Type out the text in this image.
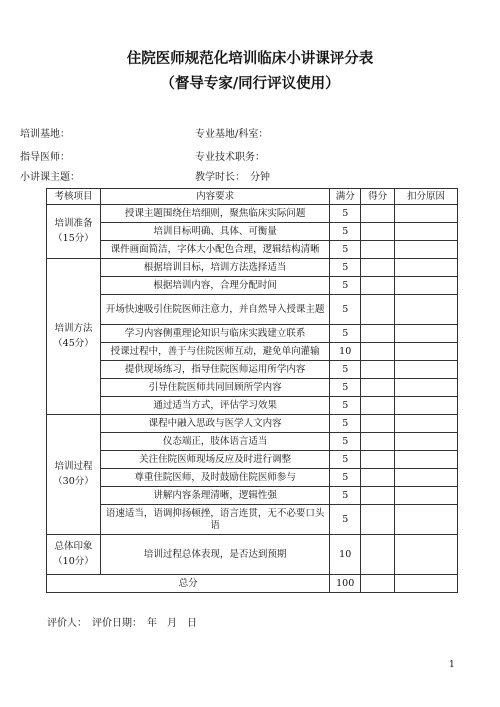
住院医师规范化培训临床小讲课评分表
（督导专家/同行评议使用）
培训基地：	专业基地/科室：
指导医师：	专业技术职务：
小讲课主题：	教学时长：　分钟
考核项目	内容要求	满分	得分	扣分原因

培训准备
（15分）	授课主题围绕住培细则，聚焦临床实际问题	5		
	培训目标明确、具体、可衡量	5		
	课件画面简洁，字体大小配色合理，逻辑结构清晰	5		

培训方法
（45分）	根据培训目标，培训方法选择适当	5		
	根据培训内容，合理分配时间	5		
	开场快速吸引住院医师注意力，并自然导入授课主题	5		
	学习内容侧重理论知识与临床实践建立联系	5		
	授课过程中，善于与住院医师互动，避免单向灌输	10		
	提供现场练习，指导住院医师运用所学内容	5		
	引导住院医师共同回顾所学内容	5		
	通过适当方式，评估学习效果	5		

培训过程
（30分）	课程中融入思政与医学人文内容	5		
	仪态端正，肢体语言适当	5		
	关注住院医师现场反应及时进行调整	5		
	尊重住院医师，及时鼓励住院医师参与	5		
	讲解内容条理清晰，逻辑性强	5		
	语速适当，语调抑扬顿挫，语言连贯，无不必要口头语	5		

总体印象
（10分）	培训过程总体表现，是否达到预期	10		
总分		100		
评价人：　评价日期：　年　月　日
1
